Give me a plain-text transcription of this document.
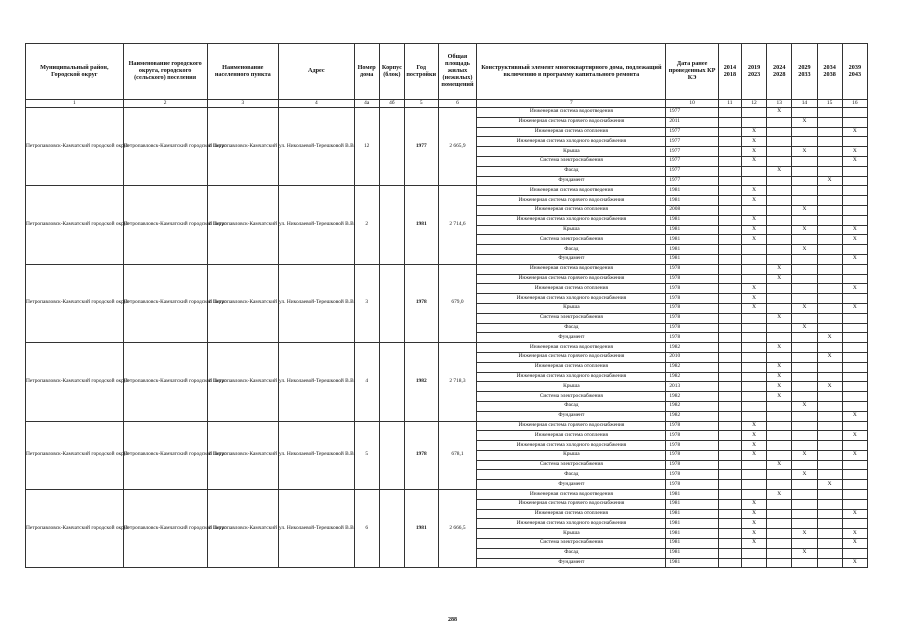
Муниципальный район, Городской округ	Наименование городского округа, городского (сельского) поселения	Наименование населенного пункта	Адрес	Номер дома	Корпус (блок)	Год постройки	Общая площадь жилых (нежилых) помещений	Конструктивный элемент многоквартирного дома, подлежащий включению в программу капитального ремонта	Дата ранее проведенных КР КЭ	2014 2018	2019 2023	2024 2028	2029 2033	2034 2038	2039 2043
1	2	3	4	4а	4б	5	6	7	10	11	12	13	14	15	16
Петропавловск-Камчатский городской округ	Петропавловск-Камчатский городской округ	г. Петропавловск-Камчатский	ул. Николаевой-Терешковой В.В.	12		1977	2 665,9	Инженерная система водоотведения	1977			X			
								Инженерная система горячего водоснабжения	2011				X		
								Инженерная система отопления	1977		X				X
								Инженерная система холодного водоснабжения	1977		X				
								Крыша	1977		X		X		X
								Система электроснабжения	1977		X				X
								Фасад	1977			X			
								Фундамент	1977					X	
Петропавловск-Камчатский городской округ	Петропавловск-Камчатский городской округ	г. Петропавловск-Камчатский	ул. Николаевой-Терешковой В.В.	2		1981	2 714,6	Инженерная система водоотведения	1981		X				
								Инженерная система горячего водоснабжения	1981		X				
								Инженерная система отопления	2008				X		
								Инженерная система холодного водоснабжения	1981		X				
								Крыша	1981		X		X		X
								Система электроснабжения	1981		X				X
								Фасад	1981				X		
								Фундамент	1981						X
Петропавловск-Камчатский городской округ	Петропавловск-Камчатский городской округ	г. Петропавловск-Камчатский	ул. Николаевой-Терешковой В.В.	3		1978	679,0	Инженерная система водоотведения	1978			X			
								Инженерная система горячего водоснабжения	1978			X			
								Инженерная система отопления	1978		X				X
								Инженерная система холодного водоснабжения	1978		X				
								Крыша	1978		X		X		X
								Система электроснабжения	1978			X			
								Фасад	1978				X		
								Фундамент	1978					X	
Петропавловск-Камчатский городской округ	Петропавловск-Камчатский городской округ	г. Петропавловск-Камчатский	ул. Николаевой-Терешковой В.В.	4		1982	2 718,3	Инженерная система водоотведения	1982			X			
								Инженерная система горячего водоснабжения	2010					X	
								Инженерная система отопления	1982			X			
								Инженерная система холодного водоснабжения	1982			X			
								Крыша	2013			X		X	
								Система электроснабжения	1982			X			
								Фасад	1982				X		
								Фундамент	1982						X
Петропавловск-Камчатский городской округ	Петропавловск-Камчатский городской округ	г. Петропавловск-Камчатский	ул. Николаевой-Терешковой В.В.	5		1978	678,1	Инженерная система горячего водоснабжения	1978		X				
								Инженерная система отопления	1978		X				X
								Инженерная система холодного водоснабжения	1978		X				
								Крыша	1978		X		X		X
								Система электроснабжения	1978			X			
								Фасад	1978				X		
								Фундамент	1978					X	
Петропавловск-Камчатский городской округ	Петропавловск-Камчатский городской округ	г. Петропавловск-Камчатский	ул. Николаевой-Терешковой В.В.	6		1981	2 666,5	Инженерная система водоотведения	1981			X			
								Инженерная система горячего водоснабжения	1981		X				
								Инженерная система отопления	1981		X				X
								Инженерная система холодного водоснабжения	1981		X				
								Крыша	1981		X		X		X
								Система электроснабжения	1981		X				X
								Фасад	1981				X		
								Фундамент	1981						X
288
